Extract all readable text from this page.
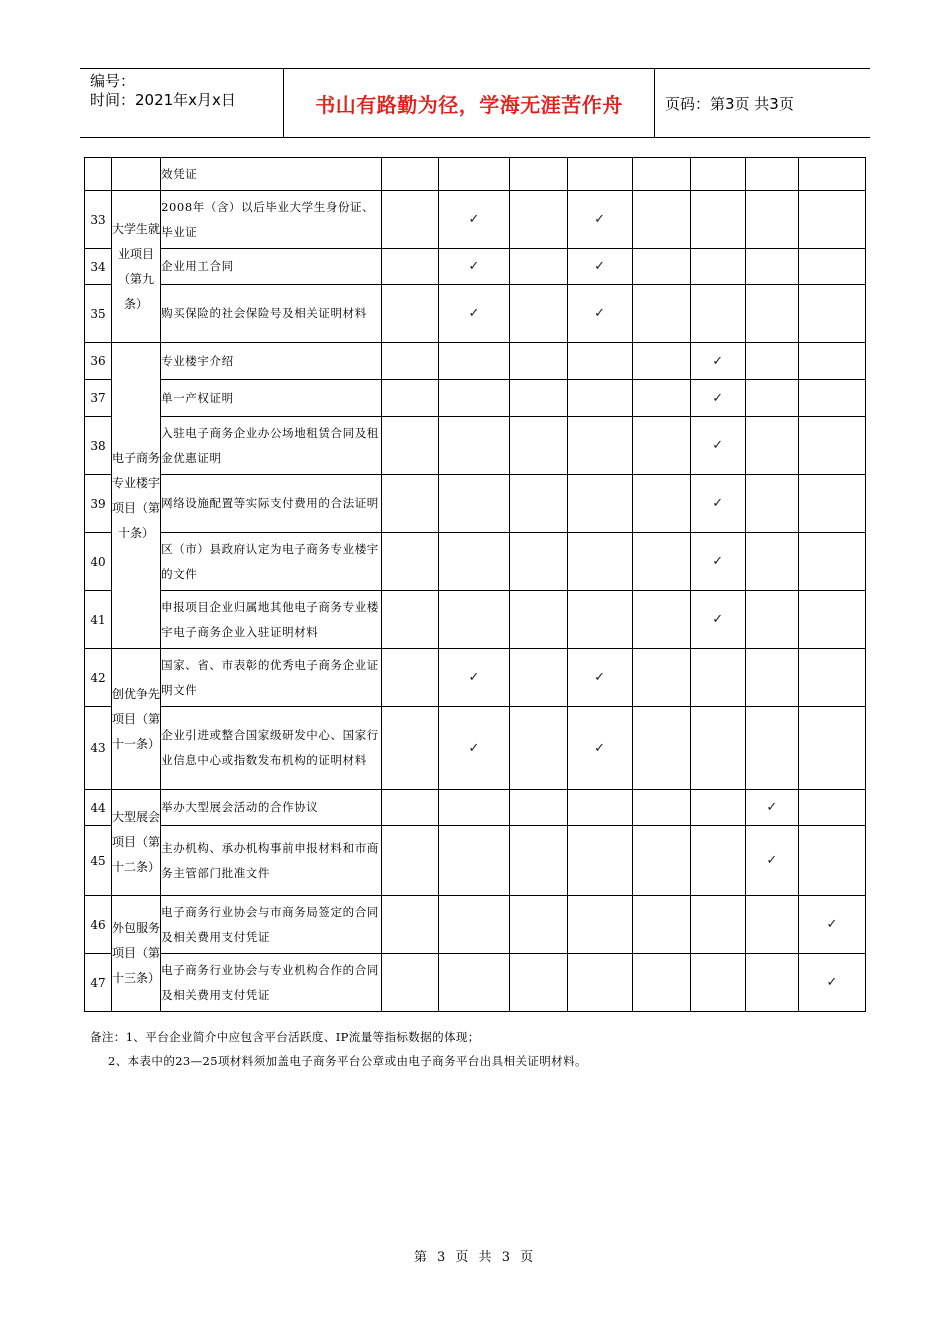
编号：
时间：2021年x月x日	书山有路勤为径，学海无涯苦作舟	页码：第3页 共3页
		效凭证								
33	大学生就业项目（第九条）	2008年（含）以后毕业大学生身份证、毕业证		✓		✓				
34		企业用工合同		✓		✓				
35		购买保险的社会保险号及相关证明材料		✓		✓				
36	电子商务专业楼宇项目（第十条）	专业楼宇介绍						✓		
37		单一产权证明						✓		
38		入驻电子商务企业办公场地租赁合同及租金优惠证明						✓		
39		网络设施配置等实际支付费用的合法证明						✓		
40		区（市）县政府认定为电子商务专业楼宇的文件						✓		
41		申报项目企业归属地其他电子商务专业楼宇电子商务企业入驻证明材料						✓		
42	创优争先项目（第十一条）	国家、省、市表彰的优秀电子商务企业证明文件		✓		✓				
43		企业引进或整合国家级研发中心、国家行业信息中心或指数发布机构的证明材料		✓		✓				
44	大型展会项目（第十二条）	举办大型展会活动的合作协议							✓	
45		主办机构、承办机构事前申报材料和市商务主管部门批准文件							✓	
46	外包服务项目（第十三条）	电子商务行业协会与市商务局签定的合同及相关费用支付凭证								✓
47		电子商务行业协会与专业机构合作的合同及相关费用支付凭证								✓
备注：1、平台企业简介中应包含平台活跃度、IP流量等指标数据的体现；
2、本表中的23—25项材料须加盖电子商务平台公章或由电子商务平台出具相关证明材料。
第 3 页 共 3 页
